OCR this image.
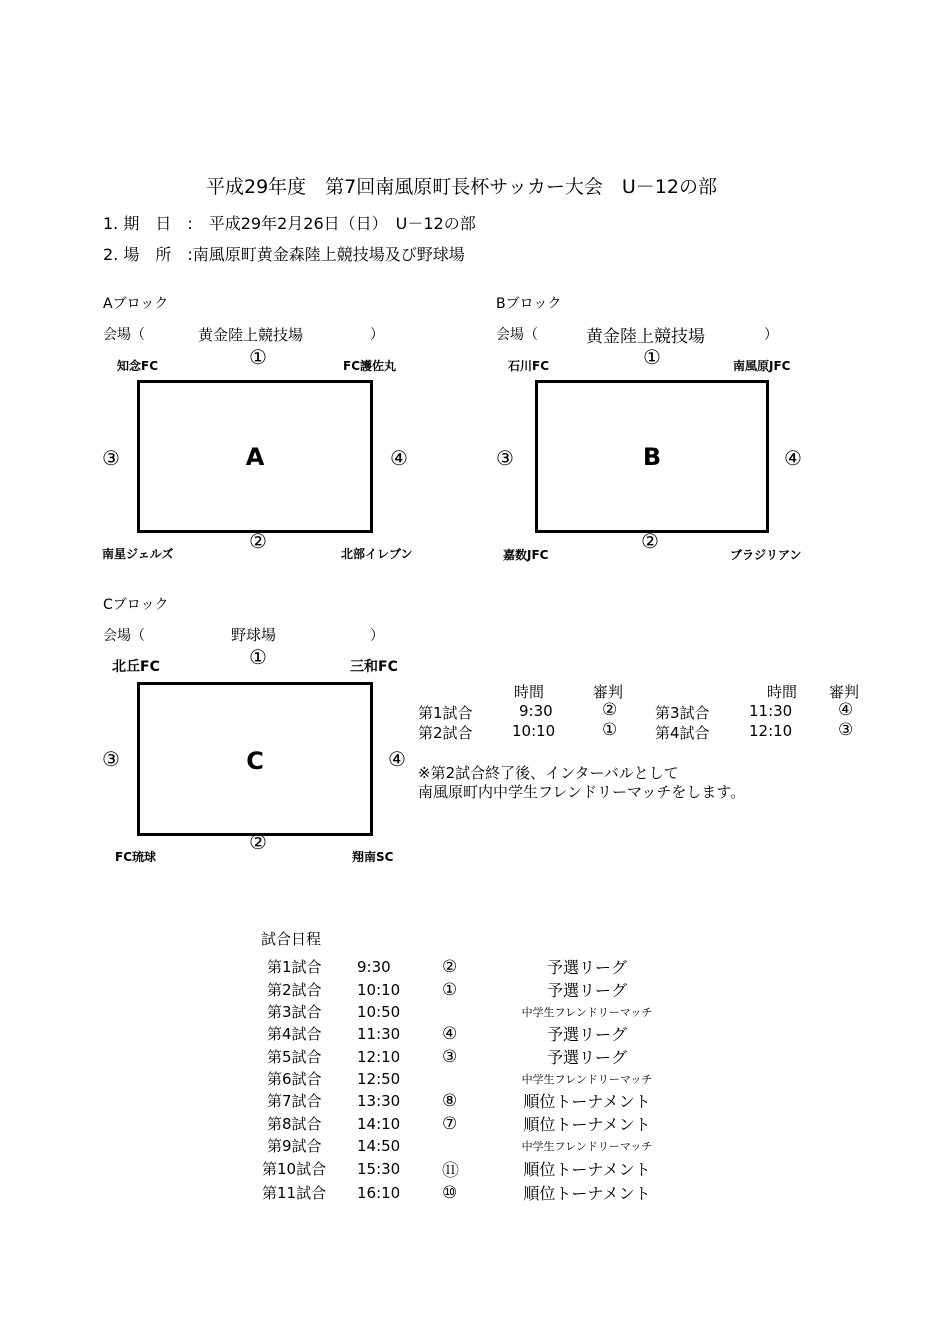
平成29年度　第7回南風原町長杯サッカー大会　U－12の部
1. 期　日　:　平成29年2月26日（日）　U－12の部
2. 場　所　:南風原町黄金森陸上競技場及び野球場
Aブロック
会場（	黄金陸上競技場	）
知念FC	FC護佐丸
南星ジェルズ	北部イレブン
①
②
③	④
A
Bブロック
会場（	黄金陸上競技場	）
石川FC	南風原JFC
嘉数JFC	ブラジリアン
①
②
③	④
B
Cブロック
会場（	野球場	）
北丘FC	三和FC
FC琉球	翔南SC
①
②
③	④
C
時間	審判	時間 審判
第1試合	9:30	②	第3試合	11:30	④
第2試合	10:10	①	第4試合	12:10	③
※第2試合終了後、インターバルとして
南風原町内中学生フレンドリーマッチをします。
試合日程
第1試合	9:30	②	予選リーグ
第2試合	10:10	①	予選リーグ
第3試合	10:50		中学生フレンドリーマッチ
第4試合	11:30	④	予選リーグ
第5試合	12:10	③	予選リーグ
第6試合	12:50		中学生フレンドリーマッチ
第7試合	13:30	⑧	順位トーナメント
第8試合	14:10	⑦	順位トーナメント
第9試合	14:50		中学生フレンドリーマッチ
第10試合	15:30	⑪	順位トーナメント
第11試合	16:10	⑩	順位トーナメント
